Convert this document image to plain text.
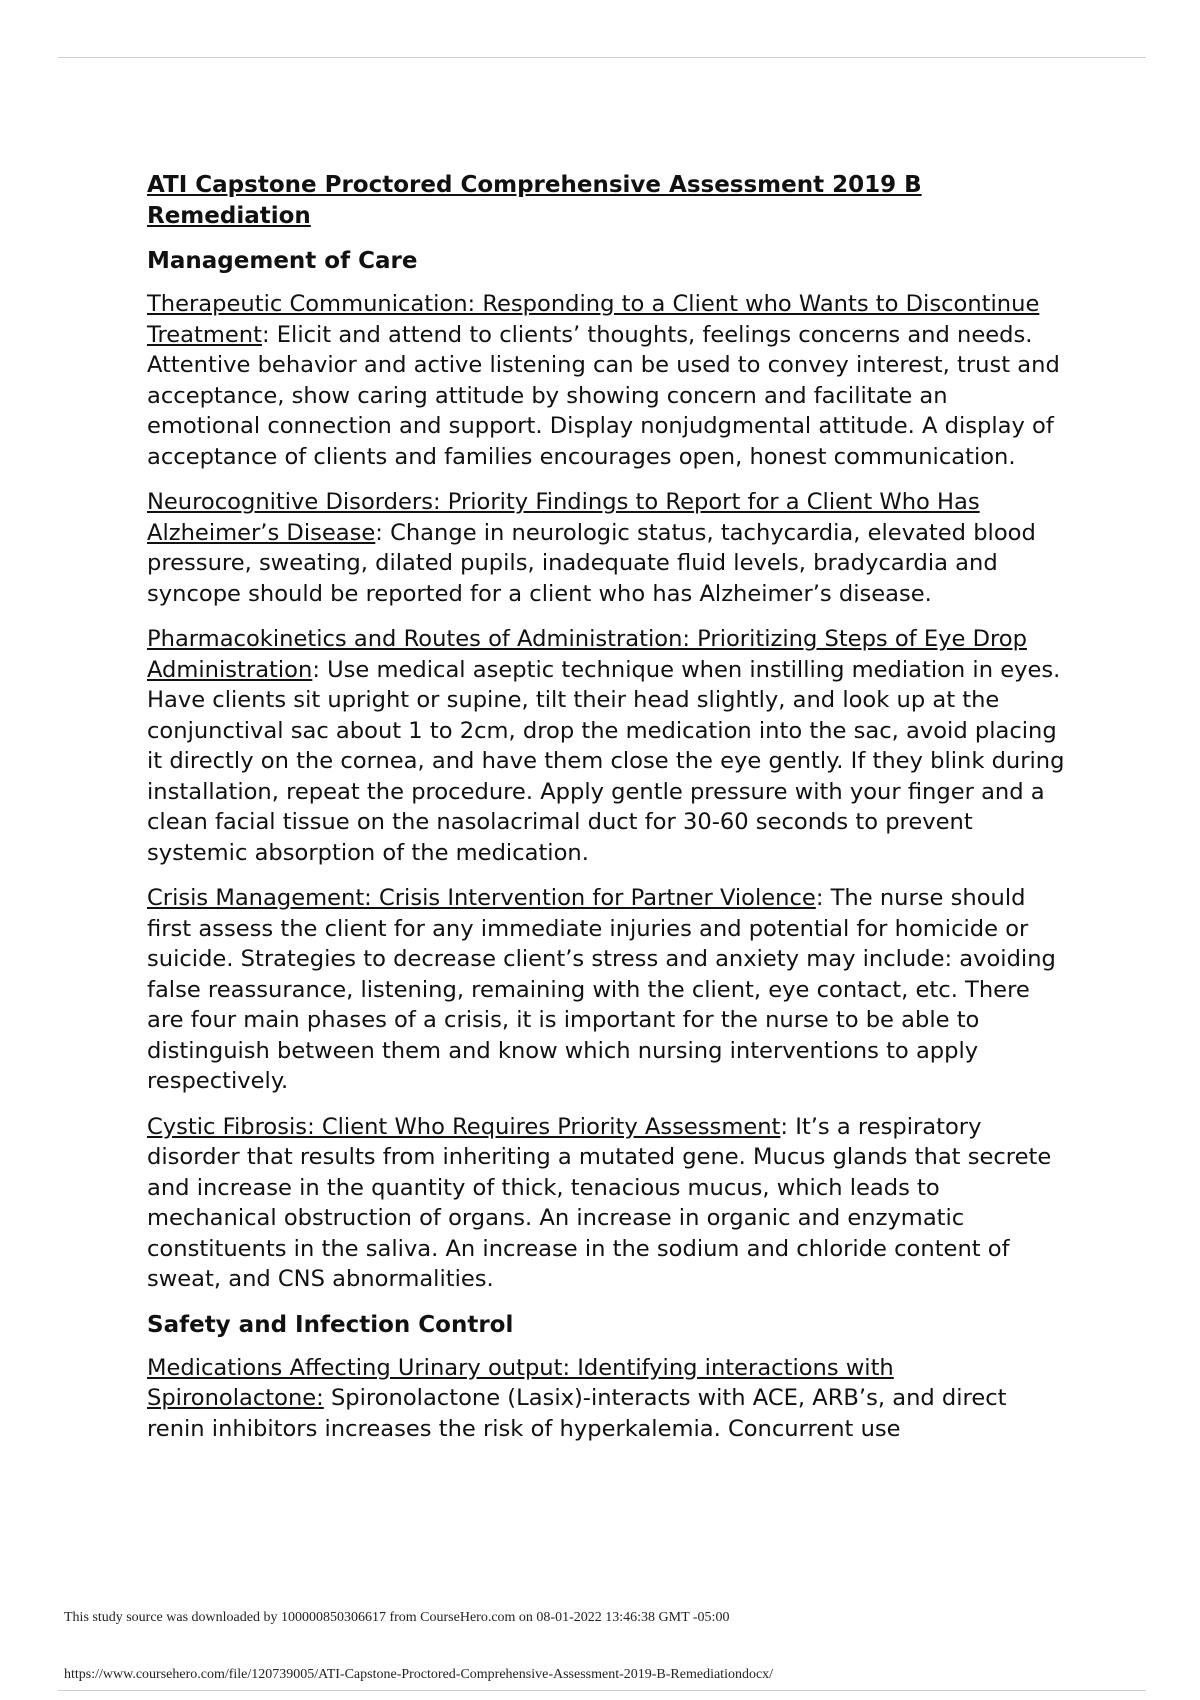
ATI Capstone Proctored Comprehensive Assessment 2019 B Remediation
Management of Care

Therapeutic Communication: Responding to a Client who Wants to Discontinue Treatment: Elicit and attend to clients’ thoughts, feelings concerns and needs. Attentive behavior and active listening can be used to convey interest, trust and acceptance, show caring attitude by showing concern and facilitate an emotional connection and support. Display nonjudgmental attitude. A display of acceptance of clients and families encourages open, honest communication.

Neurocognitive Disorders: Priority Findings to Report for a Client Who Has Alzheimer’s Disease: Change in neurologic status, tachycardia, elevated blood pressure, sweating, dilated pupils, inadequate fluid levels, bradycardia and syncope should be reported for a client who has Alzheimer’s disease.

Pharmacokinetics and Routes of Administration: Prioritizing Steps of Eye Drop Administration: Use medical aseptic technique when instilling mediation in eyes. Have clients sit upright or supine, tilt their head slightly, and look up at the conjunctival sac about 1 to 2cm, drop the medication into the sac, avoid placing it directly on the cornea, and have them close the eye gently. If they blink during installation, repeat the procedure. Apply gentle pressure with your finger and a clean facial tissue on the nasolacrimal duct for 30-60 seconds to prevent systemic absorption of the medication.

Crisis Management: Crisis Intervention for Partner Violence: The nurse should first assess the client for any immediate injuries and potential for homicide or suicide. Strategies to decrease client’s stress and anxiety may include: avoiding false reassurance, listening, remaining with the client, eye contact, etc. There are four main phases of a crisis, it is important for the nurse to be able to distinguish between them and know which nursing interventions to apply respectively.

Cystic Fibrosis: Client Who Requires Priority Assessment: It’s a respiratory disorder that results from inheriting a mutated gene. Mucus glands that secrete and increase in the quantity of thick, tenacious mucus, which leads to mechanical obstruction of organs. An increase in organic and enzymatic constituents in the saliva. An increase in the sodium and chloride content of sweat, and CNS abnormalities.

Safety and Infection Control

Medications Affecting Urinary output: Identifying interactions with Spironolactone: Spironolactone (Lasix)-interacts with ACE, ARB’s, and direct renin inhibitors increases the risk of hyperkalemia. Concurrent use

This study source was downloaded by 100000850306617 from CourseHero.com on 08-01-2022 13:46:38 GMT -05:00
https://www.coursehero.com/file/120739005/ATI-Capstone-Proctored-Comprehensive-Assessment-2019-B-Remediationdocx/
